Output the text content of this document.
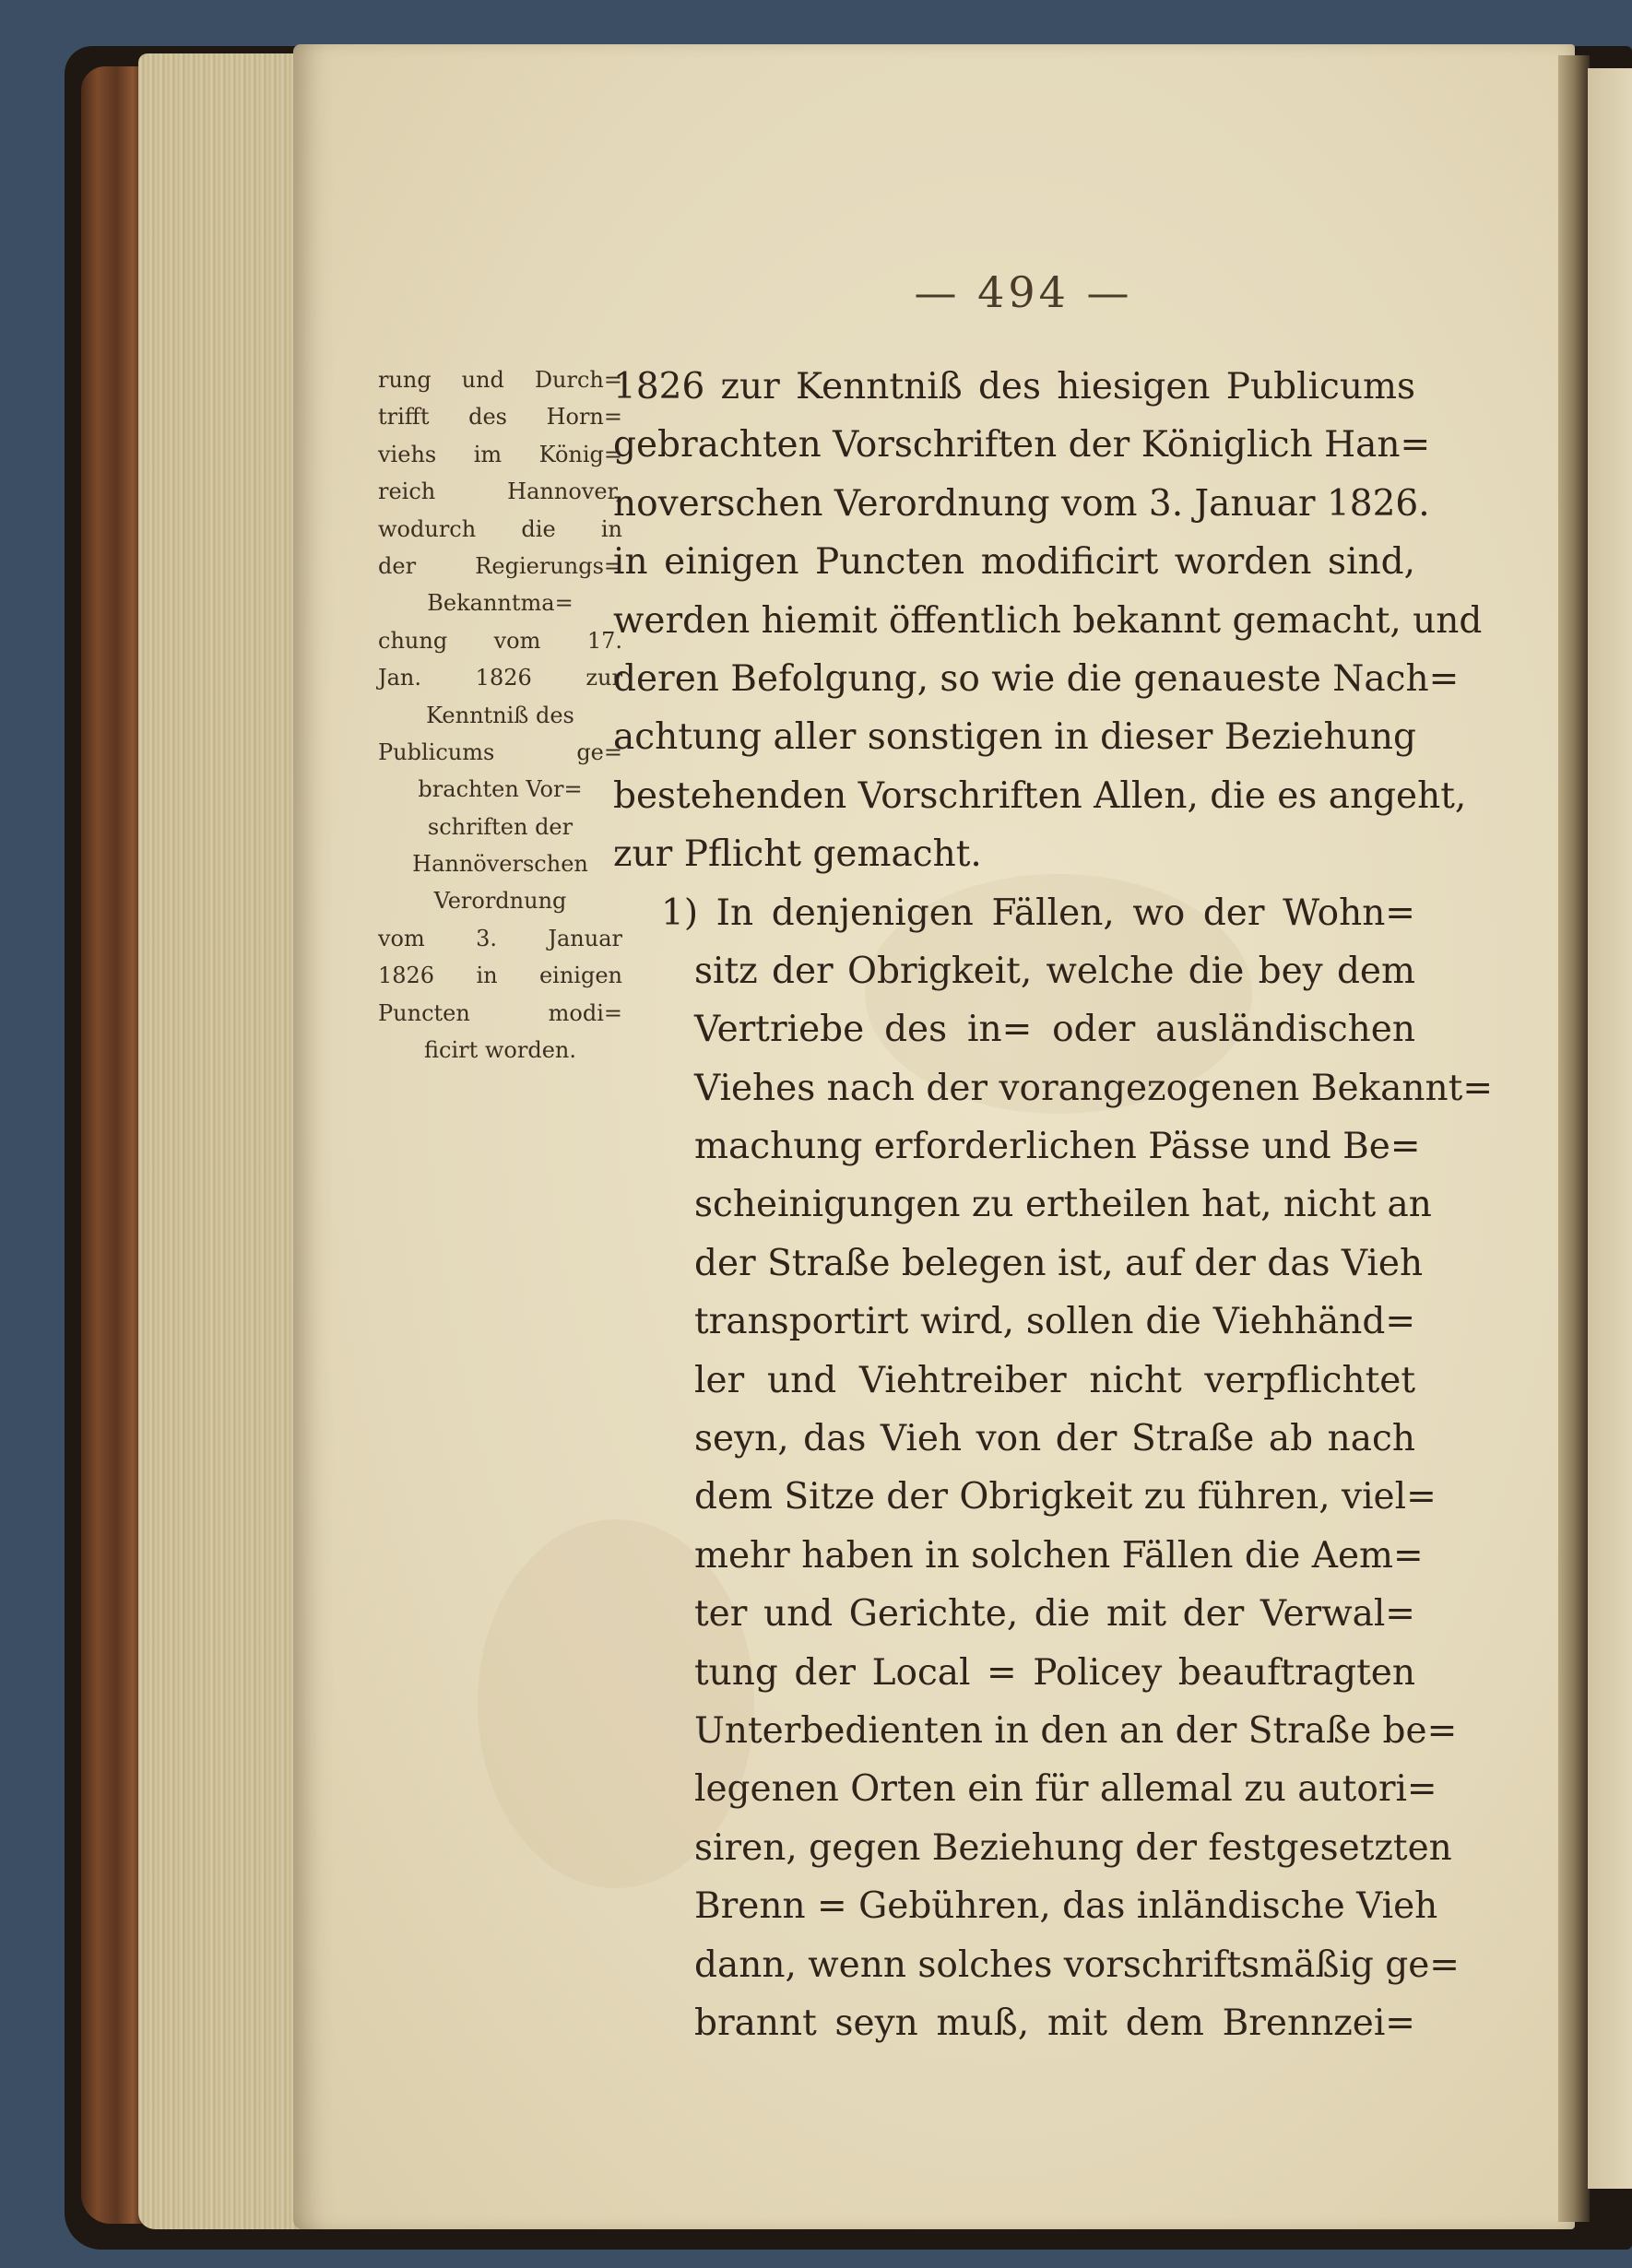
— 494 —
rung und Durch=
trifft des Horn=
viehs im König=
reich Hannover,
wodurch die in
der Regierungs=
Bekanntma=
chung vom 17.
Jan. 1826 zur
Kenntniß des
Publicums ge=
brachten Vor=
schriften der
Hannöverschen
Verordnung
vom 3. Januar
1826 in einigen
Puncten modi=
ficirt worden.
1826 zur Kenntniß des hiesigen Publicums
gebrachten Vorschriften der Königlich Han=
noverschen Verordnung vom 3. Januar 1826.
in einigen Puncten modificirt worden sind,
werden hiemit öffentlich bekannt gemacht, und
deren Befolgung, so wie die genaueste Nach=
achtung aller sonstigen in dieser Beziehung
bestehenden Vorschriften Allen, die es angeht,
zur Pflicht gemacht.
1) In denjenigen Fällen, wo der Wohn=
sitz der Obrigkeit, welche die bey dem
Vertriebe des in= oder ausländischen
Viehes nach der vorangezogenen Bekannt=
machung erforderlichen Pässe und Be=
scheinigungen zu ertheilen hat, nicht an
der Straße belegen ist, auf der das Vieh
transportirt wird, sollen die Viehhänd=
ler und Viehtreiber nicht verpflichtet
seyn, das Vieh von der Straße ab nach
dem Sitze der Obrigkeit zu führen, viel=
mehr haben in solchen Fällen die Aem=
ter und Gerichte, die mit der Verwal=
tung der Local = Policey beauftragten
Unterbedienten in den an der Straße be=
legenen Orten ein für allemal zu autori=
siren, gegen Beziehung der festgesetzten
Brenn = Gebühren, das inländische Vieh
dann, wenn solches vorschriftsmäßig ge=
brannt seyn muß, mit dem Brennzei=
